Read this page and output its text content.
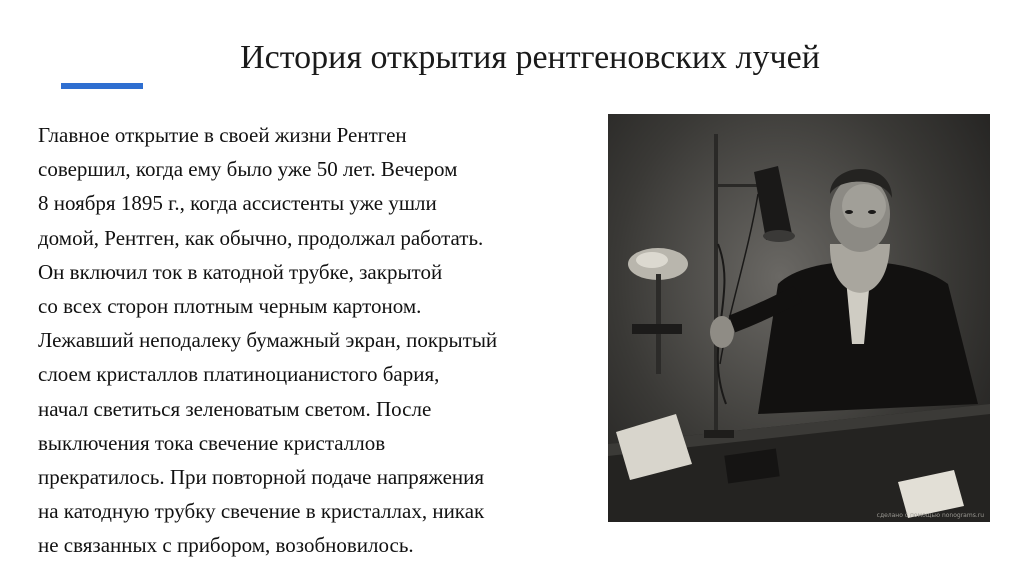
История открытия рентгеновских лучей
Главное открытие в своей жизни Рентген
совершил, когда ему было уже 50 лет. Вечером
8 ноября 1895 г., когда ассистенты уже ушли
домой, Рентген, как обычно, продолжал работать.
Он включил ток в катодной трубке, закрытой
со всех сторон плотным черным картоном.
Лежавший неподалеку бумажный экран, покрытый
слоем кристаллов платиноцианистого бария,
начал светиться зеленоватым светом. После
выключения тока свечение кристаллов
прекратилось. При повторной подаче напряжения
на катодную трубку свечение в кристаллах, никак
не связанных с прибором, возобновилось.
сделано с помощью nonograms.ru
